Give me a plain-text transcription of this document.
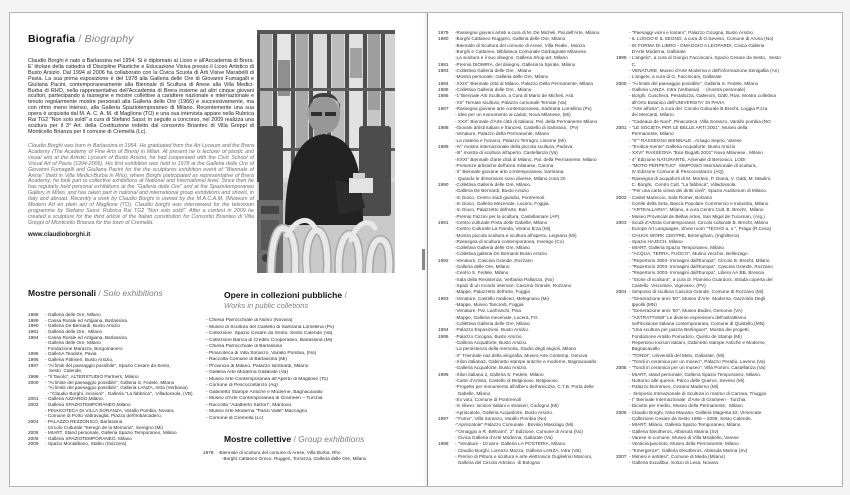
Biografia / Biography
Claudio Borghi è nato a Barlassina nel 1954. Si è diplomato al Liceo e all'Accademia di Brera. E' titolare della cattedra di Discipline Plastiche e Educazione Visiva presso il Liceo Artistico di Busto Arsizio. Dal 1994 al 2006 ha collaborato con la Civica Scuola di Arti Visive Marabelli di Pavia. La sua prima esposizione è del 1978 alla Galleria delle Ore di Giovanni Fumagalli e Giuliana Pacini, contemporaneamente alla Biennale di Scultura di Arese alla Villa Medici-Burba di RHO, nella rappresentativa dell'Accademia di Brera insieme ad altri cinque giovani scultori, partecipando a rassegne e mostre collettive a carattere nazionale e internazionale e tenuto regolarmente mostre personali alla Galleria delle Ore (1966) e successivamente, ma con ritmo meno intenso, alla Galleria Spaziotemporaneo di Milano. Recentemente una sua opera è acquisita dal M. A. C. A. M. di Maglione (TO) e una sua intervista appare nella Rubrica Rai TG2 "Non solo soldi" a cura di Stefano Sassi; in seguito a concorso, nel 2009 realizza una scultura per il 3° Art. della Costituzione indetto dal consorzio Brianteo di Villa Greppi di Monticello Brianza per il comune di Cremella (Lc).
Claudio Borghi was born in Barlassina in 1954. He graduated from the Art Lyceum and the Brera Academy (The Academy of Fine Arts of Brera) in Milan. At present he is lecturer of plastic and visual arts at the Artistic Lyceum of Busto Arsizio; he had cooperated with the Civic School of Visual Art of Pavia (1994-2006). His first exhibition was held in 1978 at the Galleria delle Ore of Giovanni Fumagalli and Giuliana Pacini for the the sculptures exhibition event of "Biennale of Arese" (held in Villa Medici-Burba in Rho), where Borghi participated as representative of Brera Academy; he took part to collective exhibitions at National and International level. Since then he has regularly held personal exhibitions at the "Galleria delle Ore" and at the Spaziotemporaneo Gallery in Milan, and has taken part in national and international group exhibitions and shows, in Italy and abroad. Recently a work by Claudio Borghi is owned by the M.A.C.A.M. (Museum of Modern Art en plein air) of Maglione (TO). Claudio borghi was interviewed for the television programme by Stefano Sassi: Rubrica Rai TG2 "Non solo soldi". After a contest in 2009 he created a sculpture for the third article of the Italian constitution for Consortio Brianteo di Villa Greppi of Monticello Brianza for the town of Cremella.
www.claudioborghi.it
Mostre personali / Solo exhibitions
1986	- Galleria delle Ore, Milano
1989	- Cassa Rurale ed Artigiana, Barlassina.
1990	- Galleria De Bernardi, Busto Arsizio
1991	- Galleria delle Ore,  Milano
1994	- Cassa Rurale ed Artigiana, Barlassina
- Galleria delle Ore, Milano
- Fondazione Marazza, Borgomanero
1995	- GalleriA Teodote, Pavia
1996	- Galleria Palmieri, Busto Arsizio,
1997	- "Ai limiti del paesaggio possibile", Spazio Cesare da Sesto,
Sesto  Calende,
1998	- "Il Tavolo", ALTERSTUDIO Partners, Milano
2000	- "Ai limite del paesaggio possibile", Galleria S. Fedele, Milano
- "Ai limite del paesaggio possibile", Galleria LANZA, Intra (Verbania)
- "Claudio Borghi, incisioni" , Galleria "La fabbrica",  Villadossola, (VB)
2001	- Galleria AZZARDO,Milano.
2002	- Galleria SPAZIOTEMPORANEO,Milano
- PINACOTECA DI VILLA SORANZA, Varallo Pombia, Novara
- Comune di Porto Valtravaglia, Piazza dell'imbarcadero,
2004	- PALAZZO REZZONICO, Barlassina
- Circolo Culturale "Seregn de la Memoria", Seregno (Mi)
2005	- MIART, Stand personale, Galleria Spazio Temporaneo, Milano
2006	- Galleria SPAZIOTEMPORANEO, Milano
2009	- Spazio Montalbano, Stabio (Svizzera)
Opere in collezioni pubbliche /
Works in public colletions
- Chiesa Parrocchiale di Nonio (Novara)
- Museo di Scultura del Castello di Sartirana Lomellina (Pv)
- Collezione  Spazio Cesare da Sesto, Sesto Calende (Va)
- Collezione Banca di Credito Cooperativo, Barlassina (Mi)
- Chiesa Parrocchiale di Barlassina
- Pinacoteca di Villa Soranzo, Varallo Pombia, (No)
- Raccolta Comune di Barlassina (Mi)
- Provincia di Milano, Palazzo Isimbardi, Milano
- Galleria Arte Moderna Gallarate (Va)
- Museo Arte Contemporanea all'Aperto di Maglione (To)
- Comune di Pescocostanzo (Aq)
- Gabinetto Stampe Antiche e Moderne, Bagnacavallo
- Museo d'Arte Contemporanea di Grameen – Turchia
- Raccolta "Adalberto Sartori", Mantova
- Museo Arte Moderna "Parisi Valle" Maccagno
- Comune di Cremella (Lc)
Mostre collettive / Group exhibitions
1978 -Biennale di scultura del comune di Arese, Villa Burba, Rho
-Borghi Cattaneo Greco, Ruggeri, Torrazza, Galleria delle Ore, Milano
1979	-Rassegna giovani artisti a cura di M. De Micheli, Pal.dell'Arte, Milano.
1980	-Borghi Cattaneo Ruggero, Galleria delle Ore, Milano
-Biennale di Scultura del comune di Arese, Villa Reale , Monza
-Borghi e Cattaneo, Biblioteca Comunale Garbagnate Milanese.
-La scultura e il suo disegno, Galleria Shop-art, Milano
1981	-Premio DIOMIRA, del disegno, Galleria la Spirale, Milano
1983	-Collettiva Galleria delle Ore , Milano
-Mostra personale, Galleria delle Ore, Milano
1984	-XXIX° Biennale città di Milano, Palazzo Della Permanente, Milano
1985	-Collettiva Galleria delle Ore , Milano
1986	-1°Biennale Arti Scultura, a Cura di Mario de Micheli, Asti.
-XII° Ternate scultura, Palazzo comunale Ternate (Va)
1987	-Rassegna giovane arte contemporanea, Sartirana Lomellina (Pv)
- Idee per un monumento ai caduti, Nova Milanese, (Mi)
- XXX° Biennale d'Arte città di Italiano, Pal. della Permanente Milano
1988	-Giovani artisti italiani e francesi, Castello di Sartirana , (Pv)
-Venature, Palazzo della Permanente, Milano
-La materia e l'umano, Palazzo Terragni, Lissone (Mi)
1989	-IV° mostra internazionale della piccola scultura, Padova
-III° mostra di scultura all'aperto, Castellanza (Va)
-XXXI° Biennale d'arte città di Milano, Pal. della Permanente, Milano
-Presenze artistiche dell'area milanese, Carona
-II° Biennale giovane arte contemporanea, Sartirana.
- Quando le dimensioni sono diverse, Milano zona 20
1990	-Collettiva Galleria delle Ore, Milano.
-Galleria De Bernardi, Busto Arsizio
-In Gioco, Centro studi giuridici, Pontremoli.
-In Gioco, Galleria Mecenate, Lucera, Foggia.
-In Gioco, Palazzetto dell'arte, Bari
-Premio Fazzini per la scultura, Castellamare (AP)
1991	-Centro culturale Porta delle Gabelle, Milano
-Centro Culturale La Fianda, Verano B:za (Mi)
-Mostra piccola scultura e scultura all'aperto, Legnano (Mi)
-Rassegna di scultura contemporanea, Inverigo (Co)
-Collettiva Galleria delle Ore, Milano
-Collettiva galleria De Bernardi Busto Arsizio
1992	-Venature, Cascina Grande ,Rozzano
-Galleria delle Ore, Milano
-Centro S. Fedele, Milano
-Sala della Resistenza, Verbania Pallanza, (No)
-Spazi di un mondo interiore, Cascina Grande, Rozzano
-Mappe, Palazzetto dell'arte, Foggia
1993	-Venature, Castello mediceo, Melegnano (Mi)
-Mappe, Museo Tancredi, Foggia
-Venature, Pal. Lanfranchi, Pisa
-Mappe, Galleria mecenate, Lucera, FG.
-Collettiva Galleria delle Ore, Milano
1994	-Palazzo Esposizioni, Busto Arsizio.
1995	-Palazzo Cicogna, Busto Arsizio.
-Galleria Acquaforte, Busto Arsizio.
-La persistenza della memoria, Studio degli angioli, Milano
-II° Triennale naz.della xilografia, Museo Arte Contemp. Genova
-Xilon italiana2, Gabinetto stampe antiche e moderne, Bagnacavallo.
-Galleria Acquaforte, Busto Arsizio.
1996	-Xilon italiana 2, Galleria S. Fedele, Milano
-Carte d'Artista, Castello di Belgioioso, Belgioioso.
-Progetto per monumento all'albero dell'amicizia, C.T.B. Porta delle
Gabelle, Milano
-Ex voto, Comune di Pontremoli
-In rilievo: incisori italiani e stranieri, Codogno (Mi)
-Apriscatole, Galleria Acquaforte, Busto Arsizio.
1997	-"Fumo", Villa Soranzo, Varallo Pombia (No)
-"Apriscatole" Palazzo Comunale , Bovisio Masciago (Mi)
-"Omaggio a R. Beltrami", 2° Edizione, Comune di Arona (No)
- Civica Galleria d'Arte Moderna, Gallarate (Va)
1998	- "Venature - 10 anni- Galleria LA POSTERIA, Milano
- Claudio Borghi, Lorenzo Mazza, Galleria LANZA, Intra (VB)
- Premio di Pittura e scultura e arte elettronica Guglielmo Marconi,
Galleria del Circolo Artistico  di Bologna
- "Paesaggi vicini e lontani", Palazzo Cicogna, Busto Arsizio
- IL LUOGO E IL SEGNO, a cura di G.Seveso, Comune di Arona (No)
- IN FORMA DI LIBRO - OMAGGIO A LEOPARDI, Civica Galleria
D'Arte Moderna, Gallarate
1999 - L'angelo", a cura di Giorgio Faccincani, Spazio Cesare da Sesto,  Sesto
C.
- VENATURE, Museo d'Arte Moderna e dell'informazione,Senigallia (An)
- L'angelo, a cura di G. Faccincani, Gallarate
2000 - "Ai limite del paesaggio possibile", Galleria S. Fedele, Milano
- Galleria LANZA, Intra (Verbania)   - (mostra personale)
- Borghi, Cuschera, Pestalozza, Galleroni, Gatti, Riva. Mostra collettiva
all'Orto Botanico dell'UNIVERSITA' DI PAVIA
- "Arte all'aria", a cura del  Circolo Culturale B.Brecht, Loggia P.zza
dei Mercanti, Milano.
- "Cadeaux de Noel", Pinacoteca  Villa Soranzo, Varallo pombia (NO
2001 - "LE SOCIETA PER LE BELLE ARTI 2001", Museo della
Permanente, Milano
- "6°" RASSEGNA BIENNALE , Arsago Seprio, Varese
- "Erotica-mente" Galleria Acquaforte, Busto Arsizio
- XXVI° RASSEGNA "Bice Bugatti 2001" Nova Milanese , Milano
- 4° Edizione NATURARTE, Arsenale di Bertonico, LODI
- "MOTO PERPETUO"  SIMPOSIO Internazionale di scultura,
IV Edizione Comune di Pescocostanzo (AQ)
- Rassegna di acquaforti di M. Morteni, P. Diana, V. Gatti, M. Maulini,
C. Borghi,  Centro Cult. "La fabbrica", Villadossola.
- "Per una carta visiva dei diritti civili", Spazio Auditorium di Milano.
2002 - Castel Mareccio, Sala Romer, Bolzano
- Cortile della Seta, Banca Popolare Commercio e Industria, Milano
- "ARTEALLARIA", Milano, a cura Centro Cult. B. Brecht,  Milano
- Museo Provincial de Bellas Artes, San Migul de Tucuman, (Arg.)
2003 - Scudi d'Artista Contemporanei, Circolo culturale B. Brecht, Milano
- Europe Art Languages, Show room "TECHO a. s.", Praga (R.Ceca)
- CHUCK WORK CENTRE, Birmingham, (Inghilterra)
- Spazio HAJECH, Milano
- MIART, Galleria Spazio Temporaneo, Milano
- "ACQUA, TERRA, FUOCO", Mulino vecchio, Bellinzago
- "Repertorio 2003- Immagini dall'Europa", Circolo B. Brecht, Milano
- "Repertorio 2003- Immagini dall'Europa", Cascina Grande, Rozzano
- "Repertorio 2003- Immagini dall'Europa", Libera AA.BB. Brescia
- "Storie di scultura", a cura di  Flaminio Guardoni, Strada coperta del
Castello  Visconteo, Vigevano, (PV).
2004 - Simposio di scultura Cascina Grande, Comune di Rozzano (Mi)
- "Generazione anni '50", Museo d'Arte  Moderna, Gazzoldo Degli
Ippoliti (MN)
- "Generazione anni '50", Museo Bodini, Gemonio (VA)
- "ASTRATTISMI" Le diverse espressioni dell'astrattismo
nell'incisione italiana contemporanea, Comune di Quistello,(MN)
- "Una scultura per piazza Berlinguer", Mostra dei progetti,
Fondazione Araldo Pomodoro, Quinto de Stampi (Mi)
- Repertorio Incisori Italiani, Gabinetto stampe Antiche e Moderne,
Bagnacavallo
- "TONDI", Università del Melo, Gallarate, (Mi)
- "Tondi in ceramica per un museo", Palazzo Perabò, Laveno (Va)
2005 - "Tondi in ceramica per un museo", Villa Pomini, Castellanza (Va)
- MIART, stand personale, Galleria Spazio Temporaneo, Milano.
- Notturno alle querce, Parco delle Querce, Seveso (Mi)
- Palazzo Borromeo, Cesano Maderno (Mi)
-  Simposio Intrnazionale di Scultura in marmo di Carrara, Triuggio
- I° Biennale Internazionale  d'Arte di Grameen - Turchia
- Diciotto per medici, Museo della Permanente,  Milano
2006 - Claudio Borghi, Nina Macario. Galleria Magenta 52, Vimercate.
- Collezione Cesare da Sesto 1986 – 2006, Sesto Calende.
- MIART, Milano, Galleria Spazio Temporaneo, Milano
- Galleria Eleutheros, Albissola Marina (Sv)
- Varese in-comune, Museo di Villa Mirabello, Varese
- Venticinquecento, Museo della Permanente, Milano
- "Emergenze", Galleria Eleutheros, Abissola Marina (Sv)
2007 - Mimesi e antitesi", Comune di Meda (Milano)
- Galleria Excalibur, Solcio di Lesa, Novara.
